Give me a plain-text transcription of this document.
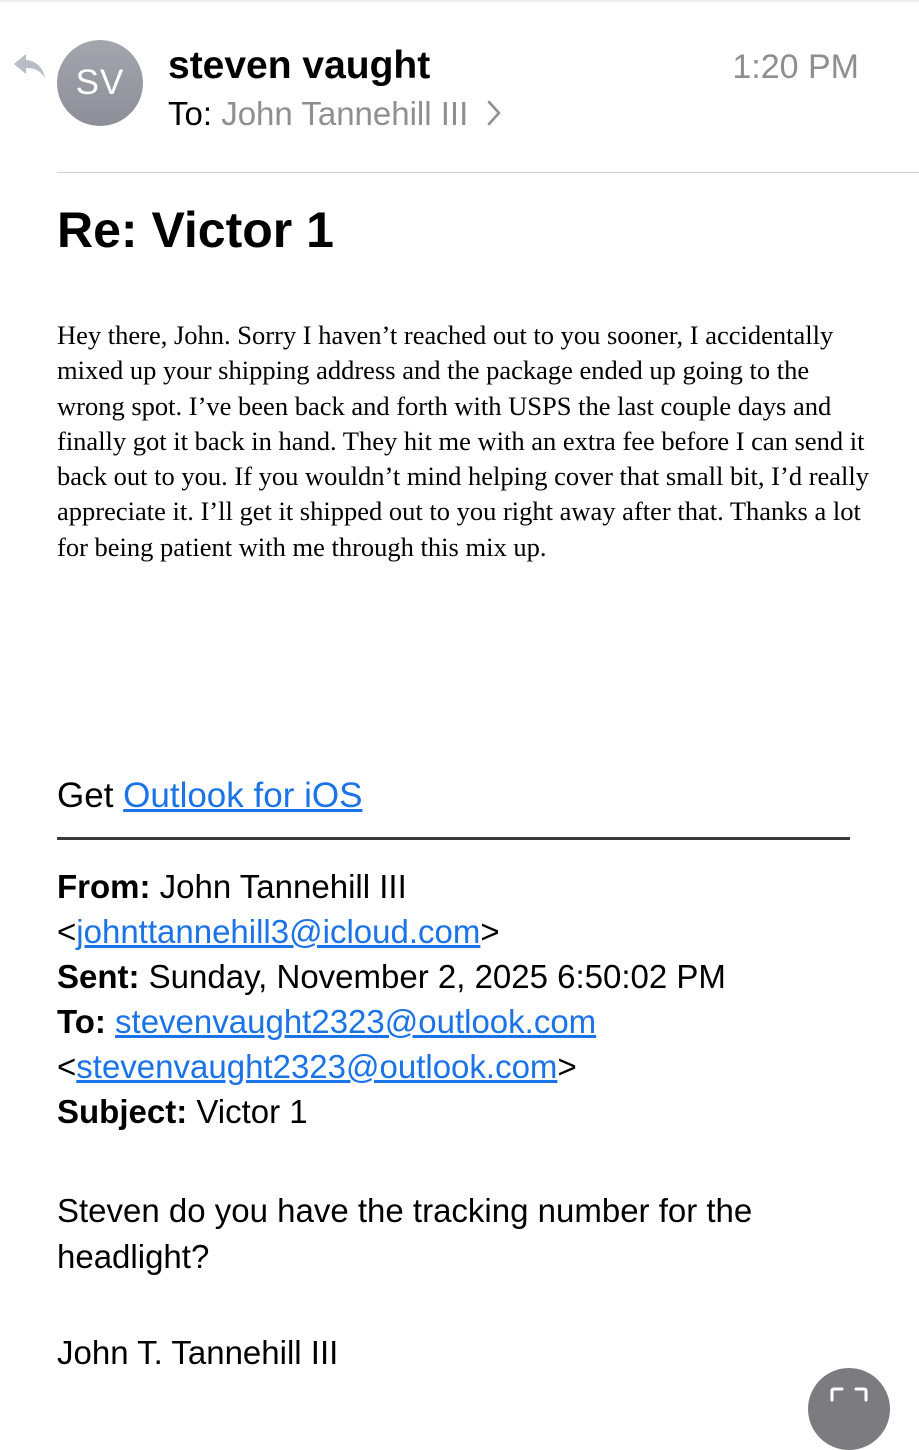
SV steven vaught	1:20 PM
To: John Tannehill III
Re: Victor 1
Hey there, John. Sorry I haven’t reached out to you sooner, I accidentally mixed up your shipping address and the package ended up going to the wrong spot. I’ve been back and forth with USPS the last couple days and finally got it back in hand. They hit me with an extra fee before I can send it back out to you. If you wouldn’t mind helping cover that small bit, I’d really appreciate it. I’ll get it shipped out to you right away after that. Thanks a lot for being patient with me through this mix up.
Get Outlook for iOS
From: John Tannehill III
<johnttannehill3@icloud.com>
Sent: Sunday, November 2, 2025 6:50:02 PM
To: stevenvaught2323@outlook.com
<stevenvaught2323@outlook.com>
Subject: Victor 1
Steven do you have the tracking number for the headlight?
John T. Tannehill III
